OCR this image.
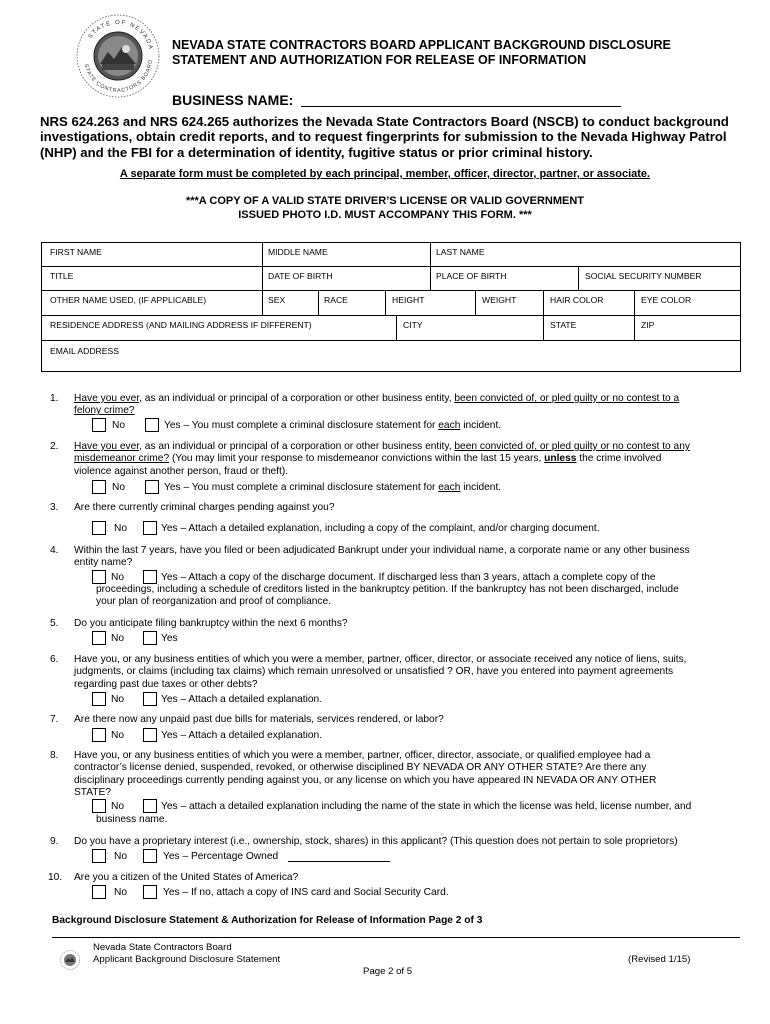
STATE OF NEVADA
STATE CONTRACTORS BOARD
NEVADA STATE CONTRACTORS BOARD APPLICANT BACKGROUND DISCLOSURE
STATEMENT AND AUTHORIZATION FOR RELEASE OF INFORMATION
BUSINESS NAME:
NRS 624.263 and NRS 624.265 authorizes the Nevada State Contractors Board (NSCB) to conduct background investigations, obtain credit reports, and to request fingerprints for submission to the Nevada Highway Patrol (NHP) and the FBI for a determination of identity, fugitive status or prior criminal history.
A separate form must be completed by each principal, member, officer, director, partner, or associate.
***A COPY OF A VALID STATE DRIVER’S LICENSE OR VALID GOVERNMENT
ISSUED PHOTO I.D. MUST ACCOMPANY THIS FORM. ***
FIRST NAME	MIDDLE NAME	LAST NAME
TITLE	DATE OF BIRTH	PLACE OF BIRTH	SOCIAL SECURITY NUMBER
OTHER NAME USED, (IF APPLICABLE)	SEX	RACE	HEIGHT	WEIGHT	HAIR COLOR	EYE COLOR
RESIDENCE ADDRESS (AND MAILING ADDRESS IF DIFFERENT)	CITY	STATE	ZIP
EMAIL ADDRESS
1. Have you ever, as an individual or principal of a corporation or other business entity, been convicted of, or pled guilty or no contest to a
felony crime?
No	Yes – You must complete a criminal disclosure statement for each incident.
2. Have you ever, as an individual or principal of a corporation or other business entity, been convicted of, or pled guilty or no contest to any
misdemeanor crime? (You may limit your response to misdemeanor convictions within the last 15 years, unless the crime involved
violence against another person, fraud or theft).
No	Yes – You must complete a criminal disclosure statement for each incident.
3. Are there currently criminal charges pending against you?
No	Yes – Attach a detailed explanation, including a copy of the complaint, and/or charging document.
4. Within the last 7 years, have you filed or been adjudicated Bankrupt under your individual name, a corporate name or any other business
entity name?
No	Yes – Attach a copy of the discharge document. If discharged less than 3 years, attach a complete copy of the
proceedings, including a schedule of creditors listed in the bankruptcy petition. If the bankruptcy has not been discharged, include
your plan of reorganization and proof of compliance.
5. Do you anticipate filing bankruptcy within the next 6 months?
No	Yes
6. Have you, or any business entities of which you were a member, partner, officer, director, or associate received any notice of liens, suits,
judgments, or claims (including tax claims) which remain unresolved or unsatisfied ? OR, have you entered into payment agreements
regarding past due taxes or other debts?
No	Yes – Attach a detailed explanation.
7. Are there now any unpaid past due bills for materials, services rendered, or labor?
No	Yes – Attach a detailed explanation.
8. Have you, or any business entities of which you were a member, partner, officer, director, associate, or qualified employee had a
contractor’s license denied, suspended, revoked, or otherwise disciplined BY NEVADA OR ANY OTHER STATE? Are there any
disciplinary proceedings currently pending against you, or any license on which you have appeared IN NEVADA OR ANY OTHER
STATE?
No	Yes – attach a detailed explanation including the name of the state in which the license was held, license number, and
business name.
9. Do you have a proprietary interest (i.e., ownership, stock, shares) in this applicant? (This question does not pertain to sole proprietors)
No	Yes – Percentage Owned
10. Are you a citizen of the United States of America?
No	Yes – If no, attach a copy of INS card and Social Security Card.
Background Disclosure Statement & Authorization for Release of Information Page 2 of 3
Nevada State Contractors Board
Applicant Background Disclosure Statement	(Revised 1/15)
Page 2 of 5
